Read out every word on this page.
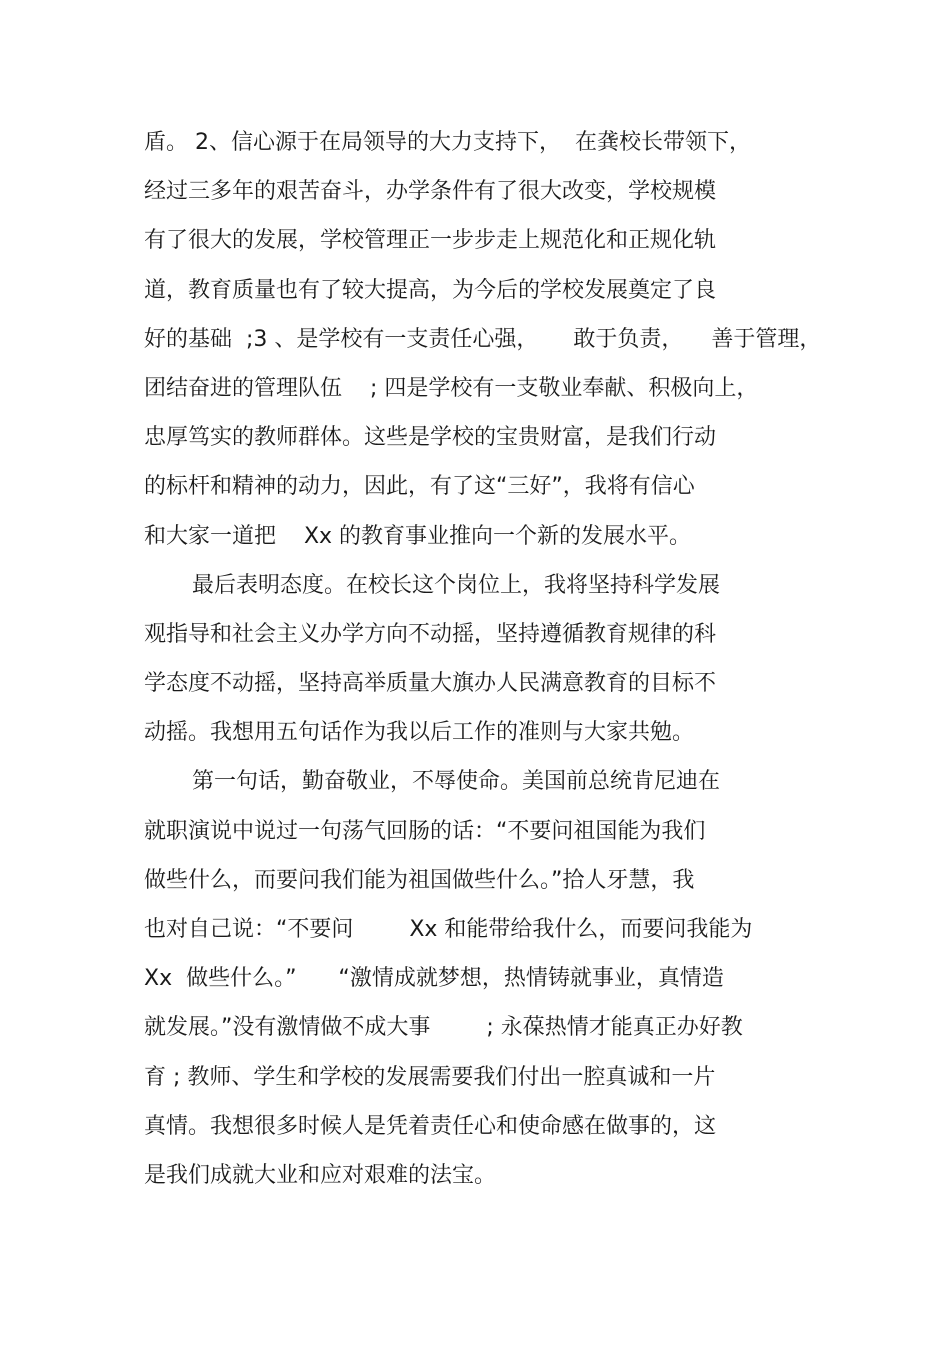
盾。 2、信心源于在局领导的大力支持下，  在龚校长带领下，
经过三多年的艰苦奋斗，办学条件有了很大改变，学校规模
有了很大的发展，学校管理正一步步走上规范化和正规化轨
道，教育质量也有了较大提高，为今后的学校发展奠定了良
好的基础  ;3 、是学校有一支责任心强，     敢于负责，    善于管理，
团结奋进的管理队伍    ; 四是学校有一支敬业奉献、积极向上，
忠厚笃实的教师群体。这些是学校的宝贵财富，是我们行动
的标杆和精神的动力，因此，有了这“三好”，我将有信心
和大家一道把    Xx 的教育事业推向一个新的发展水平。
最后表明态度。在校长这个岗位上，我将坚持科学发展
观指导和社会主义办学方向不动摇，坚持遵循教育规律的科
学态度不动摇，坚持高举质量大旗办人民满意教育的目标不
动摇。我想用五句话作为我以后工作的准则与大家共勉。
第一句话，勤奋敬业，不辱使命。美国前总统肯尼迪在
就职演说中说过一句荡气回肠的话：“不要问祖国能为我们
做些什么，而要问我们能为祖国做些什么。”拾人牙慧，我
也对自己说：“不要问        Xx 和能带给我什么，而要问我能为
Xx  做些什么。”      “激情成就梦想，热情铸就事业，真情造
就发展。”没有激情做不成大事        ; 永葆热情才能真正办好教
育 ; 教师、学生和学校的发展需要我们付出一腔真诚和一片
真情。我想很多时候人是凭着责任心和使命感在做事的，这
是我们成就大业和应对艰难的法宝。
